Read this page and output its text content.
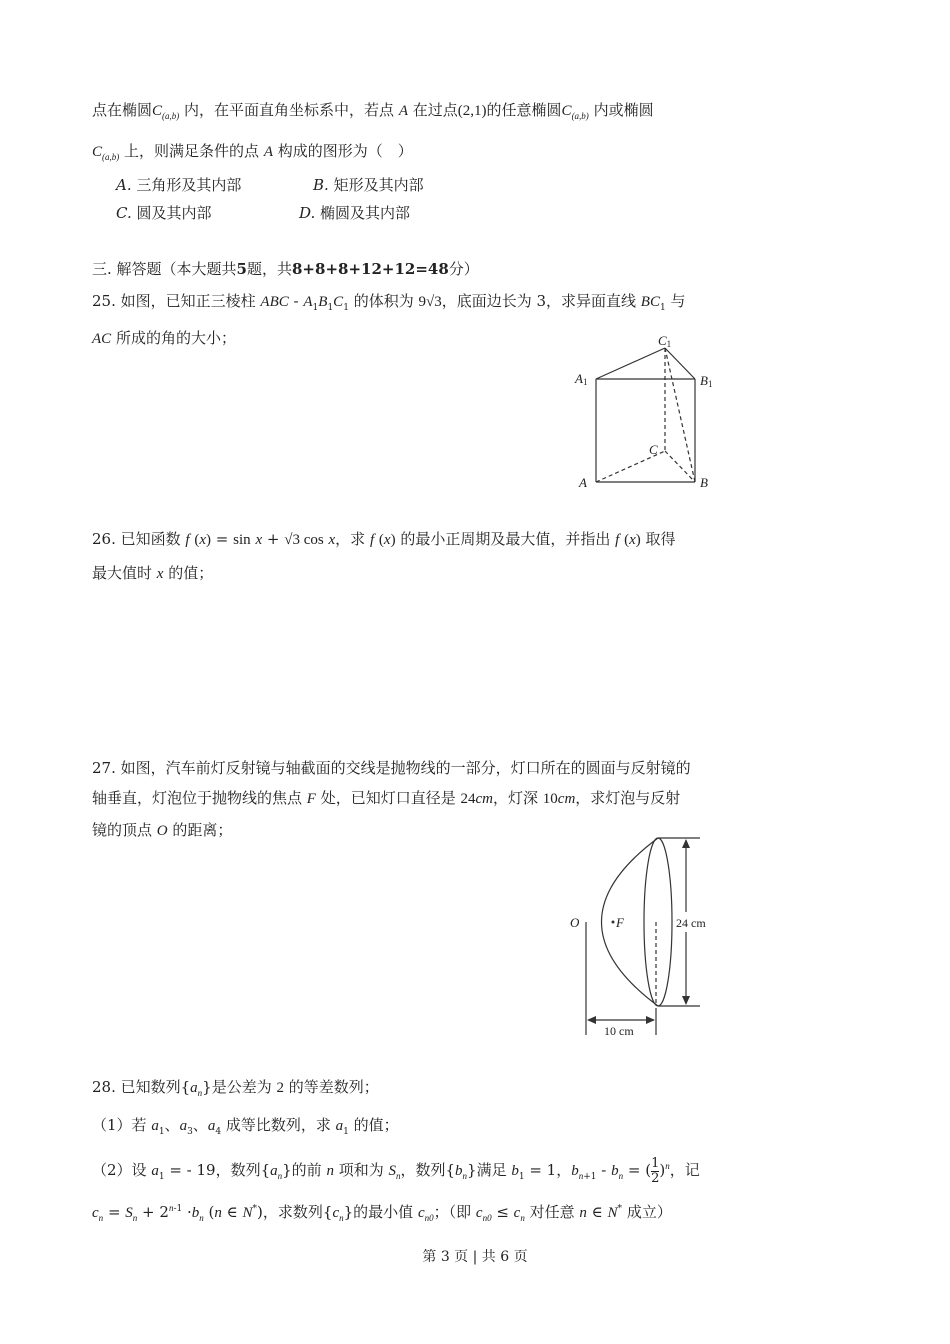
点在椭圆$C_{(a,b)}$ 内，在平面直角坐标系中，若点 A 在过点(2,1)的任意椭圆$C_{(a,b)}$ 内或椭圆
$C_{(a,b)}$ 上，则满足条件的点 A 构成的图形为（　）
A. 三角形及其内部	B. 矩形及其内部
C. 圆及其内部	D. 椭圆及其内部
三. 解答题（本大题共5题，共8+8+8+12+12=48分）
25. 如图，已知正三棱柱 ABC - $A_1B_1C_1$ 的体积为 9√3，底面边长为 3，求异面直线 $BC_1$ 与
AC 所成的角的大小；	C1
A1	B1
C
A	B
26. 已知函数 f (x) = sin x + √3 cos x，求 f (x) 的最小正周期及最大值，并指出 f (x) 取得
最大值时 x 的值；
27. 如图，汽车前灯反射镜与轴截面的交线是抛物线的一部分，灯口所在的圆面与反射镜的
轴垂直，灯泡位于抛物线的焦点 F 处，已知灯口直径是 24cm，灯深 10cm，求灯泡与反射
镜的顶点 O 的距离；
O	F	24 cm
10 cm
28. 已知数列$\{a_n\}$是公差为 2 的等差数列；
（1）若 $a_1$、$a_3$、$a_4$ 成等比数列，求 $a_1$ 的值；
（2）设 $a_1$ = - 19，数列$\{a_n\}$的前 n 项和为 $S_n$，数列$\{b_n\}$满足 $b_1 = 1$，$b_{n+1} - b_n$ = ( $\frac{1}{2} )^n$，记
$c_n = S_n + 2^{n-1} \cdot b_n$ (n ∈ N*)，求数列$\{c_n\}$的最小值 $c_{n0}$；（即 $c_{n0} \le c_n$ 对任意 n ∈ N* 成立）
第 3 页 | 共 6 页
